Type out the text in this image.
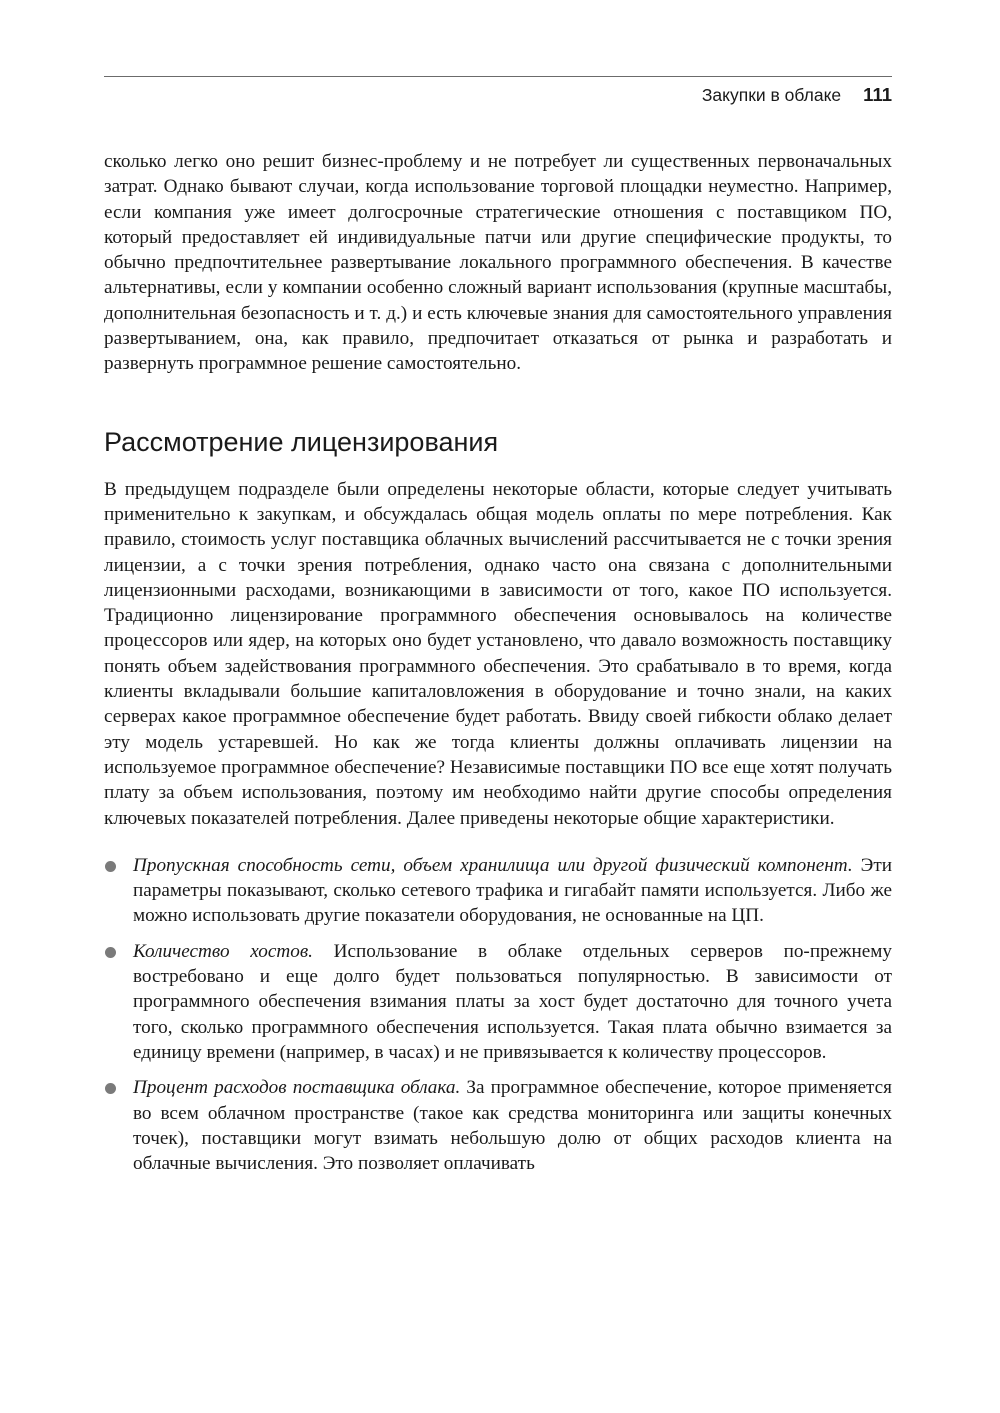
Закупки в облаке 111

сколько легко оно решит бизнес-проблему и не потребует ли существенных первоначальных затрат. Однако бывают случаи, когда использование торговой площадки неуместно. Например, если компания уже имеет долгосрочные стратегические отношения с поставщиком ПО, который предоставляет ей индивидуальные патчи или другие специфические продукты, то обычно предпочтительнее развертывание локального программного обеспечения. В качестве альтернативы, если у компании особенно сложный вариант использования (крупные масштабы, дополнительная безопасность и т. д.) и есть ключевые знания для самостоятельного управления развертыванием, она, как правило, предпочитает отказаться от рынка и разработать и развернуть программное решение самостоятельно.

Рассмотрение лицензирования

В предыдущем подразделе были определены некоторые области, которые следует учитывать применительно к закупкам, и обсуждалась общая модель оплаты по мере потребления. Как правило, стоимость услуг поставщика облачных вычислений рассчитывается не с точки зрения лицензии, а с точки зрения потребления, однако часто она связана с дополнительными лицензионными расходами, возникающими в зависимости от того, какое ПО используется. Традиционно лицензирование программного обеспечения основывалось на количестве процессоров или ядер, на которых оно будет установлено, что давало возможность поставщику понять объем задействования программного обеспечения. Это срабатывало в то время, когда клиенты вкладывали большие капиталовложения в оборудование и точно знали, на каких серверах какое программное обеспечение будет работать. Ввиду своей гибкости облако делает эту модель устаревшей. Но как же тогда клиенты должны оплачивать лицензии на используемое программное обеспечение? Независимые поставщики ПО все еще хотят получать плату за объем использования, поэтому им необходимо найти другие способы определения ключевых показателей потребления. Далее приведены некоторые общие характеристики.

Пропускная способность сети, объем хранилища или другой физический компонент. Эти параметры показывают, сколько сетевого трафика и гигабайт памяти используется. Либо же можно использовать другие показатели оборудования, не основанные на ЦП.
Количество хостов. Использование в облаке отдельных серверов по-прежнему востребовано и еще долго будет пользоваться популярностью. В зависимости от программного обеспечения взимания платы за хост будет достаточно для точного учета того, сколько программного обеспечения используется. Такая плата обычно взимается за единицу времени (например, в часах) и не привязывается к количеству процессоров.
Процент расходов поставщика облака. За программное обеспечение, которое применяется во всем облачном пространстве (такое как средства мониторинга или защиты конечных точек), поставщики могут взимать небольшую долю от общих расходов клиента на облачные вычисления. Это позволяет оплачивать
